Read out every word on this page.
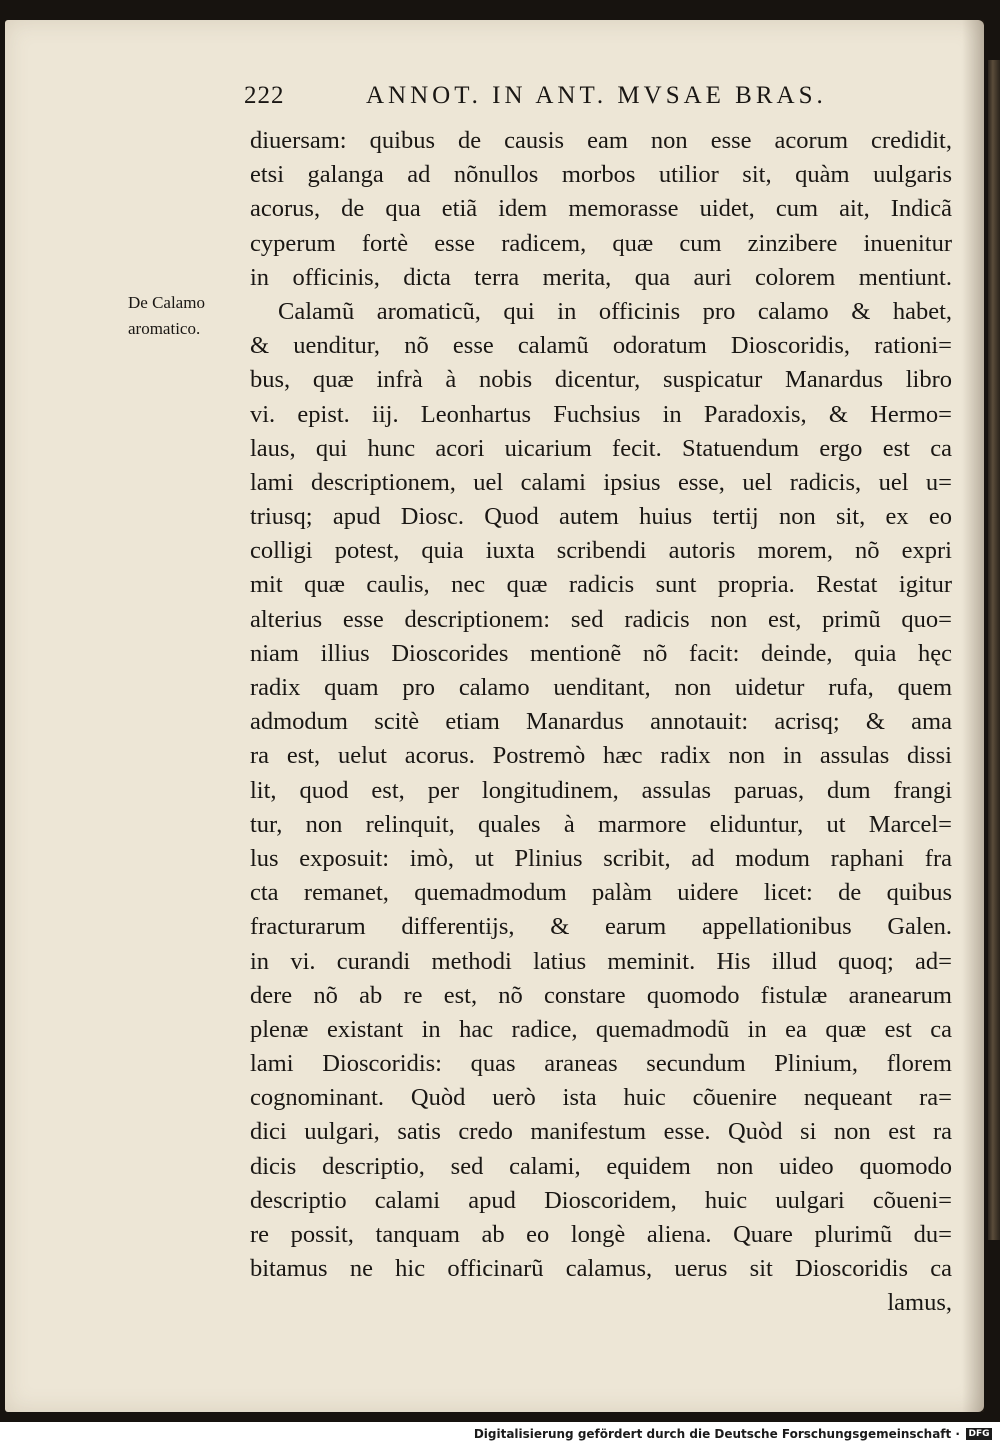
222	ANNOT. IN ANT. MVSAE BRAS.
De Calamo
aromatico.
diuersam: quibus de causis eam non esse acorum credidit,
etsi galanga ad nõnullos morbos utilior sit, quàm uulgaris
acorus, de qua etiã idem memorasse uidet, cum ait, Indicã
cyperum fortè esse radicem, quæ cum zinzibere inuenitur
in officinis, dicta terra merita, qua auri colorem mentiunt.
Calamũ aromaticũ, qui in officinis pro calamo & habet,
& uenditur, nõ esse calamũ odoratum Dioscoridis, rationi=
bus, quæ infrà à nobis dicentur, suspicatur Manardus libro
vi. epist. iij. Leonhartus Fuchsius in Paradoxis, & Hermo=
laus, qui hunc acori uicarium fecit. Statuendum ergo est ca
lami descriptionem, uel calami ipsius esse, uel radicis, uel u=
triusq; apud Diosc. Quod autem huius tertij non sit, ex eo
colligi potest, quia iuxta scribendi autoris morem, nõ expri
mit quæ caulis, nec quæ radicis sunt propria. Restat igitur
alterius esse descriptionem: sed radicis non est, primũ quo=
niam illius Dioscorides mentionẽ nõ facit: deinde, quia hęc
radix quam pro calamo uenditant, non uidetur rufa, quem
admodum scitè etiam Manardus annotauit: acrisq; & ama
ra est, uelut acorus. Postremò hæc radix non in assulas dissi
lit, quod est, per longitudinem, assulas paruas, dum frangi
tur, non relinquit, quales à marmore eliduntur, ut Marcel=
lus exposuit: imò, ut Plinius scribit, ad modum raphani fra
cta remanet, quemadmodum palàm uidere licet: de quibus
fracturarum differentijs, & earum appellationibus Galen.
in vi. curandi methodi latius meminit. His illud quoq; ad=
dere nõ ab re est, nõ constare quomodo fistulæ aranearum
plenæ existant in hac radice, quemadmodũ in ea quæ est ca
lami Dioscoridis: quas araneas secundum Plinium, florem
cognominant. Quòd uerò ista huic cõuenire nequeant ra=
dici uulgari, satis credo manifestum esse. Quòd si non est ra
dicis descriptio, sed calami, equidem non uideo quomodo
descriptio calami apud Dioscoridem, huic uulgari cõueni=
re possit, tanquam ab eo longè aliena. Quare plurimũ du=
bitamus ne hic officinarũ calamus, uerus sit Dioscoridis ca
lamus,
Digitalisierung gefördert durch die Deutsche Forschungsgemeinschaft · DFG
